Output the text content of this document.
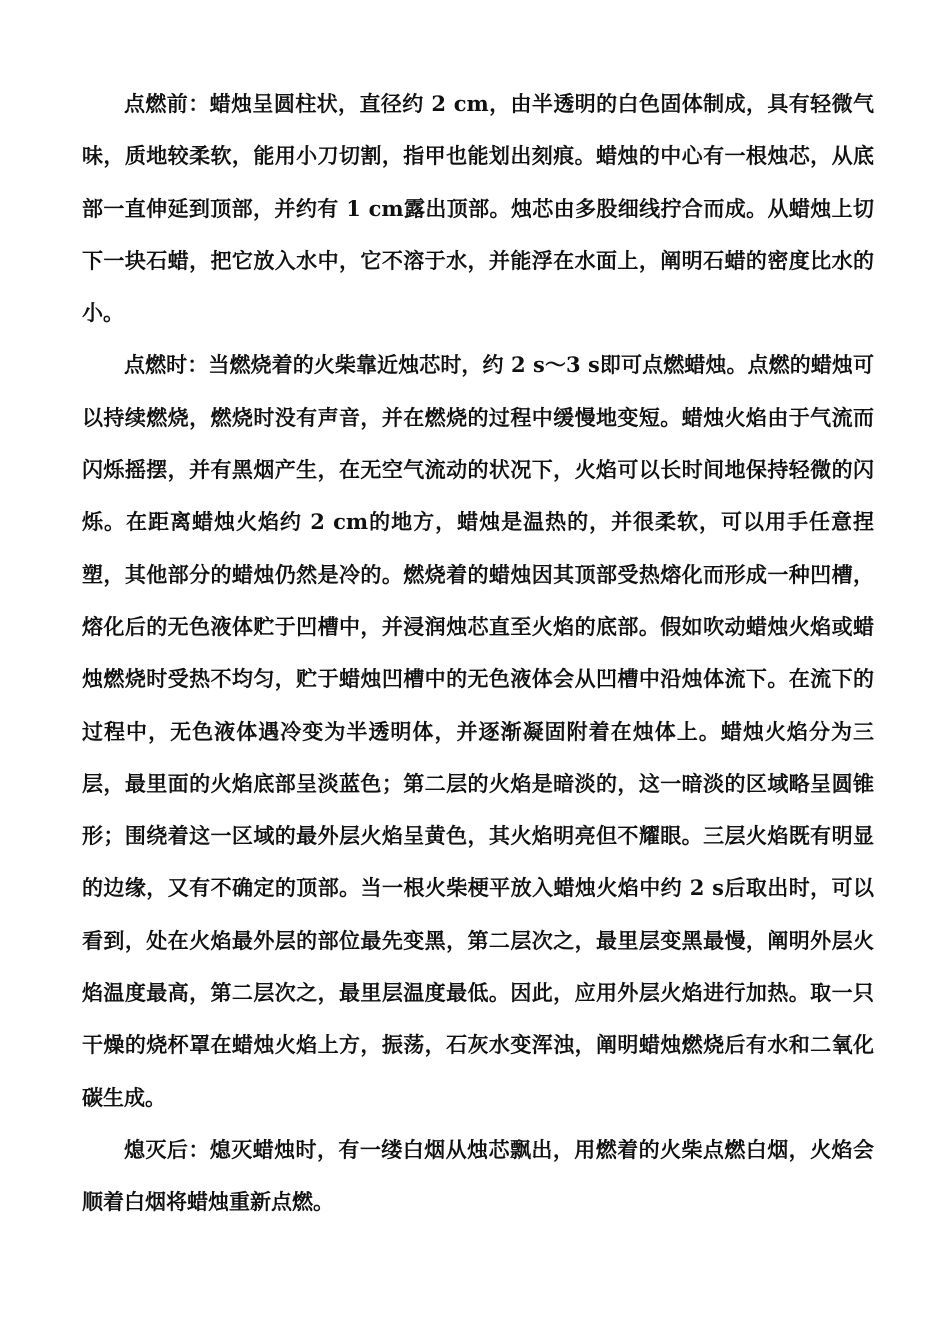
点燃前：蜡烛呈圆柱状，直径约 2 cm，由半透明的白色固体制成，具有轻微气味，质地较柔软，能用小刀切割，指甲也能划出刻痕。蜡烛的中心有一根烛芯，从底部一直伸延到顶部，并约有 1 cm露出顶部。烛芯由多股细线拧合而成。从蜡烛上切下一块石蜡，把它放入水中，它不溶于水，并能浮在水面上，阐明石蜡的密度比水的小。

点燃时：当燃烧着的火柴靠近烛芯时，约 2 s～3 s即可点燃蜡烛。点燃的蜡烛可以持续燃烧，燃烧时没有声音，并在燃烧的过程中缓慢地变短。蜡烛火焰由于气流而闪烁摇摆，并有黑烟产生，在无空气流动的状况下，火焰可以长时间地保持轻微的闪烁。在距离蜡烛火焰约 2 cm的地方，蜡烛是温热的，并很柔软，可以用手任意捏塑，其他部分的蜡烛仍然是冷的。燃烧着的蜡烛因其顶部受热熔化而形成一种凹槽，熔化后的无色液体贮于凹槽中，并浸润烛芯直至火焰的底部。假如吹动蜡烛火焰或蜡烛燃烧时受热不均匀，贮于蜡烛凹槽中的无色液体会从凹槽中沿烛体流下。在流下的过程中，无色液体遇冷变为半透明体，并逐渐凝固附着在烛体上。蜡烛火焰分为三层，最里面的火焰底部呈淡蓝色；第二层的火焰是暗淡的，这一暗淡的区域略呈圆锥形；围绕着这一区域的最外层火焰呈黄色，其火焰明亮但不耀眼。三层火焰既有明显的边缘，又有不确定的顶部。当一根火柴梗平放入蜡烛火焰中约 2 s后取出时，可以看到，处在火焰最外层的部位最先变黑，第二层次之，最里层变黑最慢，阐明外层火焰温度最高，第二层次之，最里层温度最低。因此，应用外层火焰进行加热。取一只干燥的烧杯罩在蜡烛火焰上方，振荡，石灰水变浑浊，阐明蜡烛燃烧后有水和二氧化碳生成。

熄灭后：熄灭蜡烛时，有一缕白烟从烛芯飘出，用燃着的火柴点燃白烟，火焰会顺着白烟将蜡烛重新点燃。
